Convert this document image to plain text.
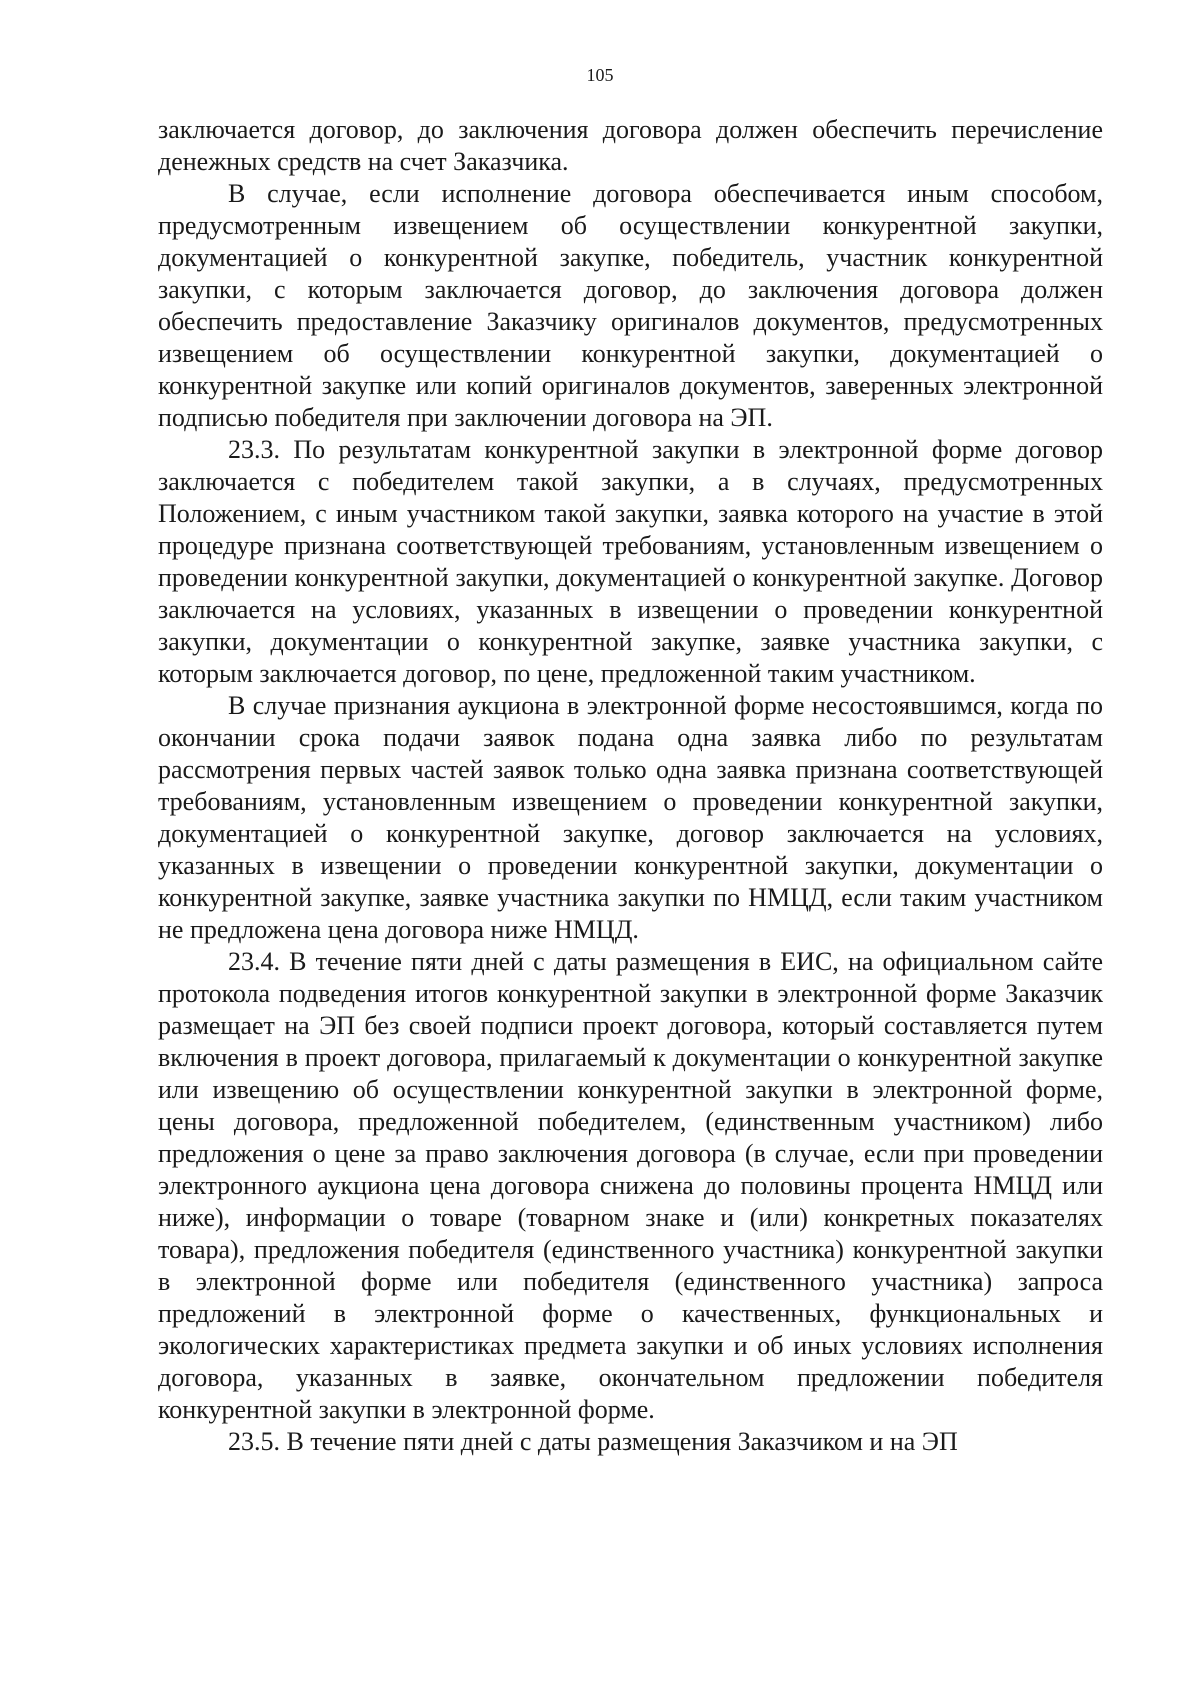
105

заключается договор, до заключения договора должен обеспечить перечисление денежных средств на счет Заказчика.

В случае, если исполнение договора обеспечивается иным способом, предусмотренным извещением об осуществлении конкурентной закупки, документацией о конкурентной закупке, победитель, участник конкурентной закупки, с которым заключается договор, до заключения договора должен обеспечить предоставление Заказчику оригиналов документов, предусмотренных извещением об осуществлении конкурентной закупки, документацией о конкурентной закупке или копий оригиналов документов, заверенных электронной подписью победителя при заключении договора на ЭП.

23.3. По результатам конкурентной закупки в электронной форме договор заключается с победителем такой закупки, а в случаях, предусмотренных Положением, с иным участником такой закупки, заявка которого на участие в этой процедуре признана соответствующей требованиям, установленным извещением о проведении конкурентной закупки, документацией о конкурентной закупке. Договор заключается на условиях, указанных в извещении о проведении конкурентной закупки, документации о конкурентной закупке, заявке участника закупки, с которым заключается договор, по цене, предложенной таким участником.

В случае признания аукциона в электронной форме несостоявшимся, когда по окончании срока подачи заявок подана одна заявка либо по результатам рассмотрения первых частей заявок только одна заявка признана соответствующей требованиям, установленным извещением о проведении конкурентной закупки, документацией о конкурентной закупке, договор заключается на условиях, указанных в извещении о проведении конкурентной закупки, документации о конкурентной закупке, заявке участника закупки по НМЦД, если таким участником не предложена цена договора ниже НМЦД.

23.4. В течение пяти дней с даты размещения в ЕИС, на официальном сайте протокола подведения итогов конкурентной закупки в электронной форме Заказчик размещает на ЭП без своей подписи проект договора, который составляется путем включения в проект договора, прилагаемый к документации о конкурентной закупке или извещению об осуществлении конкурентной закупки в электронной форме, цены договора, предложенной победителем, (единственным участником) либо предложения о цене за право заключения договора (в случае, если при проведении электронного аукциона цена договора снижена до половины процента НМЦД или ниже), информации о товаре (товарном знаке и (или) конкретных показателях товара), предложения победителя (единственного участника) конкурентной закупки в электронной форме или победителя (единственного участника) запроса предложений в электронной форме о качественных, функциональных и экологических характеристиках предмета закупки и об иных условиях исполнения договора, указанных в заявке, окончательном предложении победителя конкурентной закупки в электронной форме.

23.5. В течение пяти дней с даты размещения Заказчиком и на ЭП
